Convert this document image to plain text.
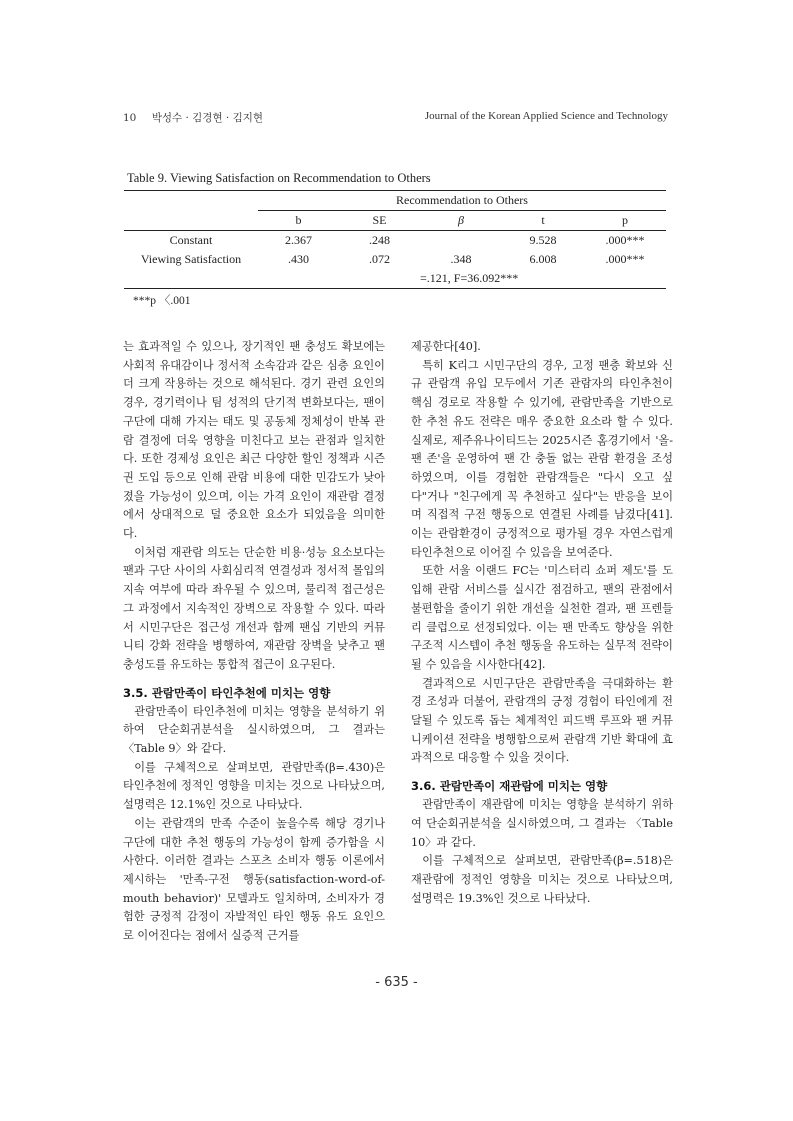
10 박성수 · 김경현 · 김지현	Journal of the Korean Applied Science and Technology
Table 9. Viewing Satisfaction on Recommendation to Others
	Recommendation to Others				
	b	SE	β	t	p
Constant	2.367	.248		9.528	.000***
Viewing Satisfaction	.430	.072	.348	6.008	.000***
			=.121, F=36.092***		
***p 〈.001

는 효과적일 수 있으나, 장기적인 팬 충성도 확보에는 사회적 유대감이나 정서적 소속감과 같은 심층 요인이 더 크게 작용하는 것으로 해석된다. 경기 관련 요인의 경우, 경기력이나 팀 성적의 단기적 변화보다는, 팬이 구단에 대해 가지는 태도 및 공동체 정체성이 반복 관람 결정에 더욱 영향을 미친다고 보는 관점과 일치한다. 또한 경제성 요인은 최근 다양한 할인 정책과 시즌권 도입 등으로 인해 관람 비용에 대한 민감도가 낮아졌을 가능성이 있으며, 이는 가격 요인이 재관람 결정에서 상대적으로 덜 중요한 요소가 되었음을 의미한다.

이처럼 재관람 의도는 단순한 비용·성능 요소보다는 팬과 구단 사이의 사회심리적 연결성과 정서적 몰입의 지속 여부에 따라 좌우될 수 있으며, 물리적 접근성은 그 과정에서 지속적인 장벽으로 작용할 수 있다. 따라서 시민구단은 접근성 개선과 함께 팬십 기반의 커뮤니티 강화 전략을 병행하여, 재관람 장벽을 낮추고 팬 충성도를 유도하는 통합적 접근이 요구된다.

3.5. 관람만족이 타인추천에 미치는 영향

관람만족이 타인추천에 미치는 영향을 분석하기 위하여 단순회귀분석을 실시하였으며, 그 결과는 〈Table 9〉와 같다.

이를 구체적으로 살펴보면, 관람만족(β=.430)은 타인추천에 정적인 영향을 미치는 것으로 나타났으며, 설명력은 12.1%인 것으로 나타났다.

이는 관람객의 만족 수준이 높을수록 해당 경기나 구단에 대한 추천 행동의 가능성이 함께 증가함을 시사한다. 이러한 결과는 스포츠 소비자 행동 이론에서 제시하는 '만족-구전 행동(satisfaction-word-of-mouth behavior)' 모델과도 일치하며, 소비자가 경험한 긍정적 감정이 자발적인 타인 행동 유도 요인으로 이어진다는 점에서 실증적 근거를

제공한다[40].

특히 K리그 시민구단의 경우, 고정 팬층 확보와 신규 관람객 유입 모두에서 기존 관람자의 타인추천이 핵심 경로로 작용할 수 있기에, 관람만족을 기반으로 한 추천 유도 전략은 매우 중요한 요소라 할 수 있다. 실제로, 제주유나이티드는 2025시즌 홈경기에서 '올-팬 존'을 운영하여 팬 간 충돌 없는 관람 환경을 조성하였으며, 이를 경험한 관람객들은 "다시 오고 싶다"거나 "친구에게 꼭 추천하고 싶다"는 반응을 보이며 직접적 구전 행동으로 연결된 사례를 남겼다[41]. 이는 관람환경이 긍정적으로 평가될 경우 자연스럽게 타인추천으로 이어질 수 있음을 보여준다.

또한 서울 이랜드 FC는 '미스터리 쇼퍼 제도'를 도입해 관람 서비스를 실시간 점검하고, 팬의 관점에서 불편함을 줄이기 위한 개선을 실천한 결과, 팬 프렌들리 클럽으로 선정되었다. 이는 팬 만족도 향상을 위한 구조적 시스템이 추천 행동을 유도하는 실무적 전략이 될 수 있음을 시사한다[42].

결과적으로 시민구단은 관람만족을 극대화하는 환경 조성과 더불어, 관람객의 긍정 경험이 타인에게 전달될 수 있도록 돕는 체계적인 피드백 루프와 팬 커뮤니케이션 전략을 병행함으로써 관람객 기반 확대에 효과적으로 대응할 수 있을 것이다.

3.6. 관람만족이 재관람에 미치는 영향

관람만족이 재관람에 미치는 영향을 분석하기 위하여 단순회귀분석을 실시하였으며, 그 결과는 〈Table 10〉과 같다.

이를 구체적으로 살펴보면, 관람만족(β=.518)은 재관람에 정적인 영향을 미치는 것으로 나타났으며, 설명력은 19.3%인 것으로 나타났다.

- 635 -
